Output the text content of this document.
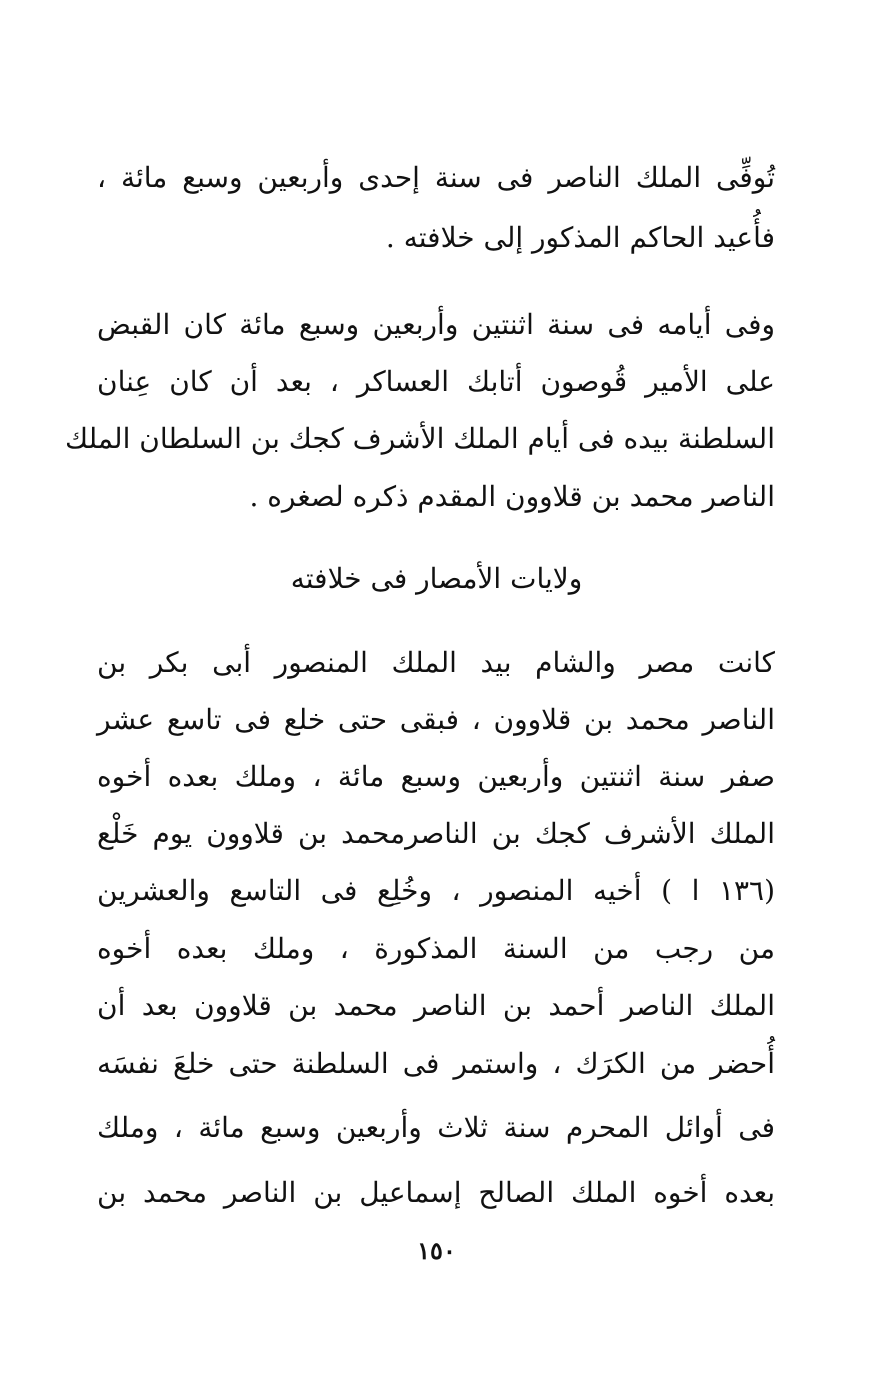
تُوفِّى الملك الناصر فى سنة إحدى وأربعين وسبع مائة ،
فأُعيد الحاكم المذكور إلى خلافته .
وفى أيامه فى سنة اثنتين وأربعين وسبع مائة كان القبض
على الأمير قُوصون أتابك العساكر ، بعد أن كان عِنان
السلطنة بيده فى أيام الملك الأشرف كجك بن السلطان الملك
الناصر محمد بن قلاوون المقدم ذكره لصغره .
ولايات الأمصار فى خلافته
كانت مصر والشام بيد الملك المنصور أبى بكر بن
الناصر محمد بن قلاوون ، فبقى حتى خلع فى تاسع عشر
صفر سنة اثنتين وأربعين وسبع مائة ، وملك بعده أخوه
الملك الأشرف كجك بن الناصرمحمد بن قلاوون يوم خَلْع
(١٣٦ ا ) أخيه المنصور ، وخُلِع فى التاسع والعشرين
من رجب من السنة المذكورة ، وملك بعده أخوه
الملك الناصر أحمد بن الناصر محمد بن قلاوون بعد أن
أُحضر من الكرَك ، واستمر فى السلطنة حتى خلعَ نفسَه
فى أوائل المحرم سنة ثلاث وأربعين وسبع مائة ، وملك
بعده أخوه الملك الصالح إسماعيل بن الناصر محمد بن
١٥٠
